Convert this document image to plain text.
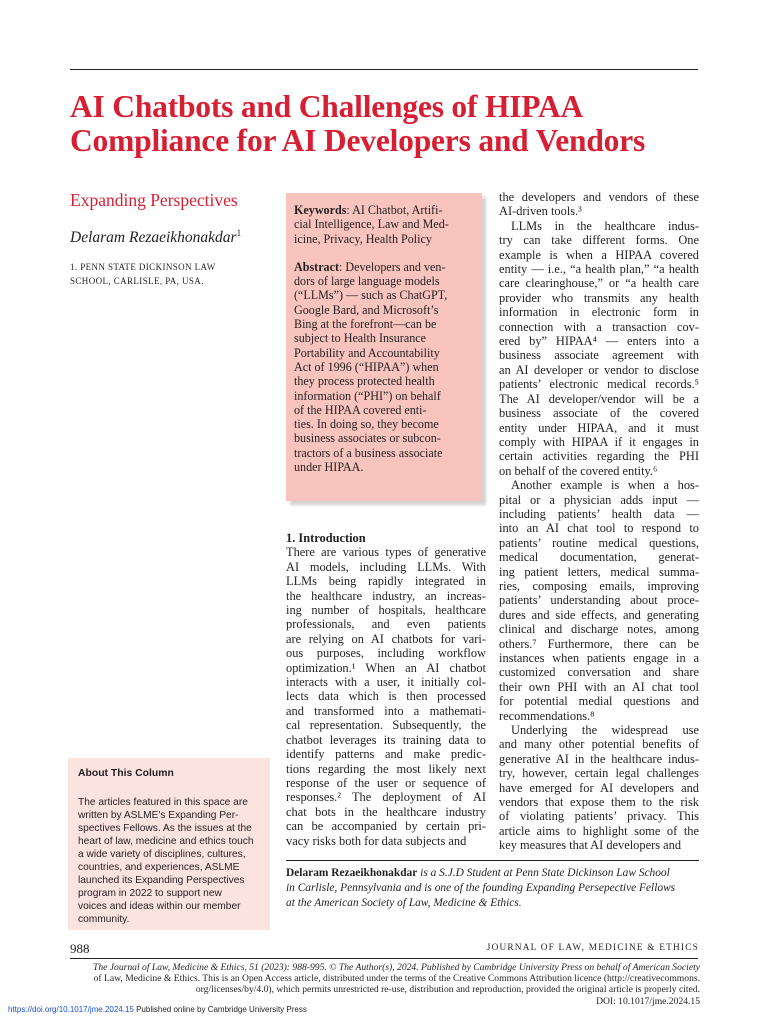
AI Chatbots and Challenges of HIPAA
Compliance for AI Developers and Vendors
Expanding Perspectives
Delaram Rezaeikhonakdar$^1$
1. PENN STATE DICKINSON LAW
SCHOOL, CARLISLE, PA, USA.
About This Column
The articles featured in this space are
written by ASLME's Expanding Per-
spectives Fellows. As the issues at the
heart of law, medicine and ethics touch
a wide variety of disciplines, cultures,
countries, and experiences, ASLME
launched its Expanding Perspectives
program in 2022 to support new
voices and ideas within our member
community.
Keywords: AI Chatbot, Artifi-
cial Intelligence, Law and Med-
icine, Privacy, Health Policy
Abstract: Developers and ven-
dors of large language models
(“LLMs”) — such as ChatGPT,
Google Bard, and Microsoft’s
Bing at the forefront—can be
subject to Health Insurance
Portability and Accountability
Act of 1996 (“HIPAA”) when
they process protected health
information (“PHI”) on behalf
of the HIPAA covered enti-
ties. In doing so, they become
business associates or subcon-
tractors of a business associate
under HIPAA.
1. Introduction
There are various types of generative
AI models, including LLMs. With
LLMs being rapidly integrated in
the healthcare industry, an increas-
ing number of hospitals, healthcare
professionals, and even patients
are relying on AI chatbots for vari-
ous purposes, including workflow
optimization.¹ When an AI chatbot
interacts with a user, it initially col-
lects data which is then processed
and transformed into a mathemati-
cal representation. Subsequently, the
chatbot leverages its training data to
identify patterns and make predic-
tions regarding the most likely next
response of the user or sequence of
responses.² The deployment of AI
chat bots in the healthcare industry
can be accompanied by certain pri-
vacy risks both for data subjects and
the developers and vendors of these
AI-driven tools.³
LLMs in the healthcare indus-
try can take different forms. One
example is when a HIPAA covered
entity — i.e., “a health plan,” “a health
care clearinghouse,” or “a health care
provider who transmits any health
information in electronic form in
connection with a transaction cov-
ered by” HIPAA⁴ — enters into a
business associate agreement with
an AI developer or vendor to disclose
patients’ electronic medical records.⁵
The AI developer/vendor will be a
business associate of the covered
entity under HIPAA, and it must
comply with HIPAA if it engages in
certain activities regarding the PHI
on behalf of the covered entity.⁶
Another example is when a hos-
pital or a physician adds input —
including patients’ health data —
into an AI chat tool to respond to
patients’ routine medical questions,
medical documentation, generat-
ing patient letters, medical summa-
ries, composing emails, improving
patients’ understanding about proce-
dures and side effects, and generating
clinical and discharge notes, among
others.⁷ Furthermore, there can be
instances when patients engage in a
customized conversation and share
their own PHI with an AI chat tool
for potential medial questions and
recommendations.⁸
Underlying the widespread use
and many other potential benefits of
generative AI in the healthcare indus-
try, however, certain legal challenges
have emerged for AI developers and
vendors that expose them to the risk
of violating patients’ privacy. This
article aims to highlight some of the
key measures that AI developers and
Delaram Rezaeikhonakdar is a S.J.D Student at Penn State Dickinson Law School
in Carlisle, Pennsylvania and is one of the founding Expanding Persepective Fellows
at the American Society of Law, Medicine & Ethics.
988	JOURNAL OF LAW, MEDICINE & ETHICS
The Journal of Law, Medicine & Ethics, 51 (2023): 988-995. © The Author(s), 2024. Published by Cambridge University Press on behalf of American Society
of Law, Medicine & Ethics. This is an Open Access article, distributed under the terms of the Creative Commons Attribution licence (http://creativecommons.
org/licenses/by/4.0), which permits unrestricted re-use, distribution and reproduction, provided the original article is properly cited.
DOI: 10.1017/jme.2024.15
https://doi.org/10.1017/jme.2024.15 Published online by Cambridge University Press
